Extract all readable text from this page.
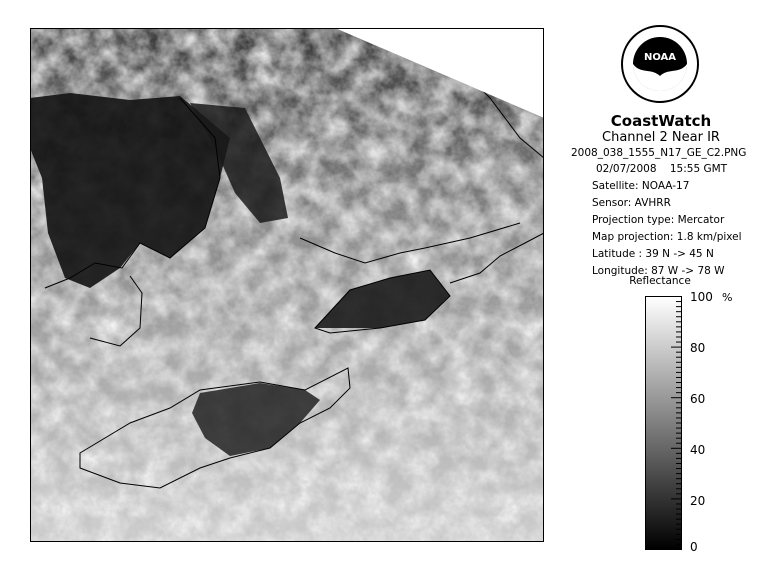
NOAA
CoastWatch
Channel 2 Near IR
2008_038_1555_N17_GE_C2.PNG
02/07/2008    15:55 GMT
Satellite: NOAA-17
Sensor: AVHRR
Projection type: Mercator
Map projection: 1.8 km/pixel
Latitude : 39 N -> 45 N
Longitude: 87 W -> 78 W
Reflectance
%
100
80
60
40
20
0
